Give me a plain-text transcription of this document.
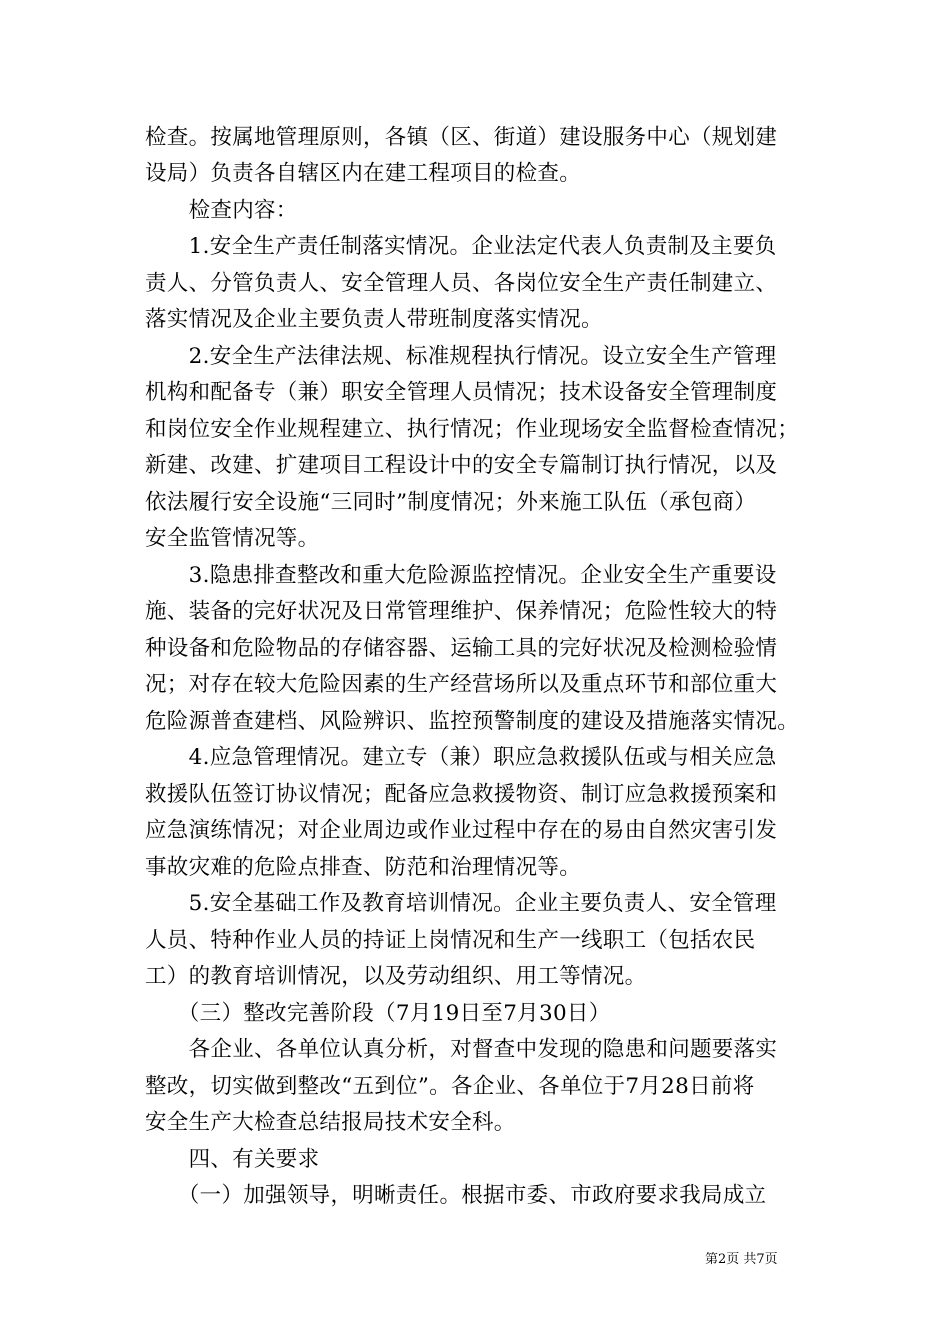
检查。按属地管理原则，各镇（区、街道）建设服务中心（规划建
设局）负责各自辖区内在建工程项目的检查。
　　检查内容：
　　1.安全生产责任制落实情况。企业法定代表人负责制及主要负
责人、分管负责人、安全管理人员、各岗位安全生产责任制建立、
落实情况及企业主要负责人带班制度落实情况。
　　2.安全生产法律法规、标准规程执行情况。设立安全生产管理
机构和配备专（兼）职安全管理人员情况；技术设备安全管理制度
和岗位安全作业规程建立、执行情况；作业现场安全监督检查情况；
新建、改建、扩建项目工程设计中的安全专篇制订执行情况，以及
依法履行安全设施“三同时”制度情况；外来施工队伍（承包商）
安全监管情况等。
　　3.隐患排查整改和重大危险源监控情况。企业安全生产重要设
施、装备的完好状况及日常管理维护、保养情况；危险性较大的特
种设备和危险物品的存储容器、运输工具的完好状况及检测检验情
况；对存在较大危险因素的生产经营场所以及重点环节和部位重大
危险源普查建档、风险辨识、监控预警制度的建设及措施落实情况。
　　4.应急管理情况。建立专（兼）职应急救援队伍或与相关应急
救援队伍签订协议情况；配备应急救援物资、制订应急救援预案和
应急演练情况；对企业周边或作业过程中存在的易由自然灾害引发
事故灾难的危险点排查、防范和治理情况等。
　　5.安全基础工作及教育培训情况。企业主要负责人、安全管理
人员、特种作业人员的持证上岗情况和生产一线职工（包括农民
工）的教育培训情况，以及劳动组织、用工等情况。
　　（三）整改完善阶段（7月19日至7月30日）
　　各企业、各单位认真分析，对督查中发现的隐患和问题要落实
整改，切实做到整改“五到位”。各企业、各单位于7月28日前将
安全生产大检查总结报局技术安全科。
　　四、有关要求
　　（一）加强领导，明晰责任。根据市委、市政府要求我局成立
第2页 共7页
